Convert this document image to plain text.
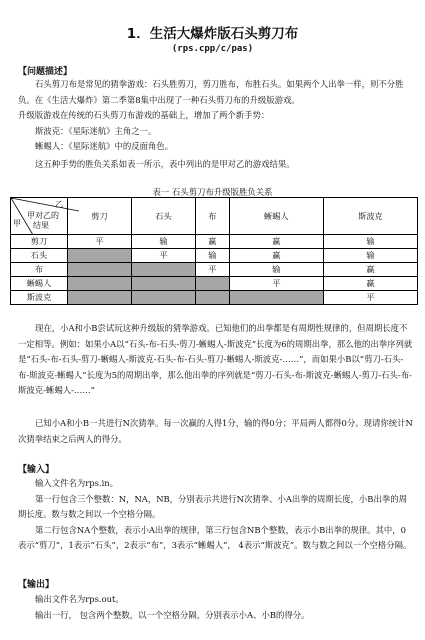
1．生活大爆炸版石头剪刀布
(rps.cpp/c/pas)
【问题描述】

石头剪刀布是常见的猜拳游戏：石头胜剪刀，剪刀胜布，布胜石头。如果两个人出拳一样，则不分胜负。在《生活大爆炸》第二季第8集中出现了一种石头剪刀布的升级版游戏。

升级版游戏在传统的石头剪刀布游戏的基础上，增加了两个新手势：

斯波克：《星际迷航》主角之一。

蜥蜴人：《星际迷航》中的反面角色。

这五种手势的胜负关系如表一所示，表中列出的是甲对乙的游戏结果。

表一 石头剪刀布升级版胜负关系
乙
甲对乙的
结果
甲	剪刀	石头	布	蜥蜴人	斯波克
剪刀	平	输	赢	赢	输
石头		平	输	赢	输
布			平	输	赢
蜥蜴人				平	赢
斯波克					平

现在，小A和小B尝试玩这种升级版的猜拳游戏。已知他们的出拳都是有周期性规律的，但周期长度不一定相等。例如：如果小A以“石头-布-石头-剪刀-蜥蜴人-斯波克”长度为6的周期出拳，那么他的出拳序列就是“石头-布-石头-剪刀-蜥蜴人-斯波克-石头-布-石头-剪刀-蜥蜴人-斯波克-……”，而如果小B以“剪刀-石头-布-斯波克-蜥蜴人”长度为5的周期出拳，那么他出拳的序列就是“剪刀-石头-布-斯波克-蜥蜴人-剪刀-石头-布-斯波克-蜥蜴人-……”

已知小A和小B一共进行N次猜拳。每一次赢的人得1分，输的得0分；平局两人都得0分。现请你统计N次猜拳结束之后两人的得分。

【输入】

输入文件名为rps.in。

第一行包含三个整数：N，NA，NB，分别表示共进行N次猜拳、小A出拳的周期长度，小B出拳的周期长度。数与数之间以一个空格分隔。

第二行包含NA个整数，表示小A出拳的规律，第三行包含NB个整数，表示小B出拳的规律。其中，0表示“剪刀”，1表示“石头”，2表示“布”，3表示“蜥蜴人”， 4表示“斯波克”。数与数之间以一个空格分隔。

【输出】

输出文件名为rps.out。

输出一行， 包含两个整数，以一个空格分隔，分别表示小A、小B的得分。
